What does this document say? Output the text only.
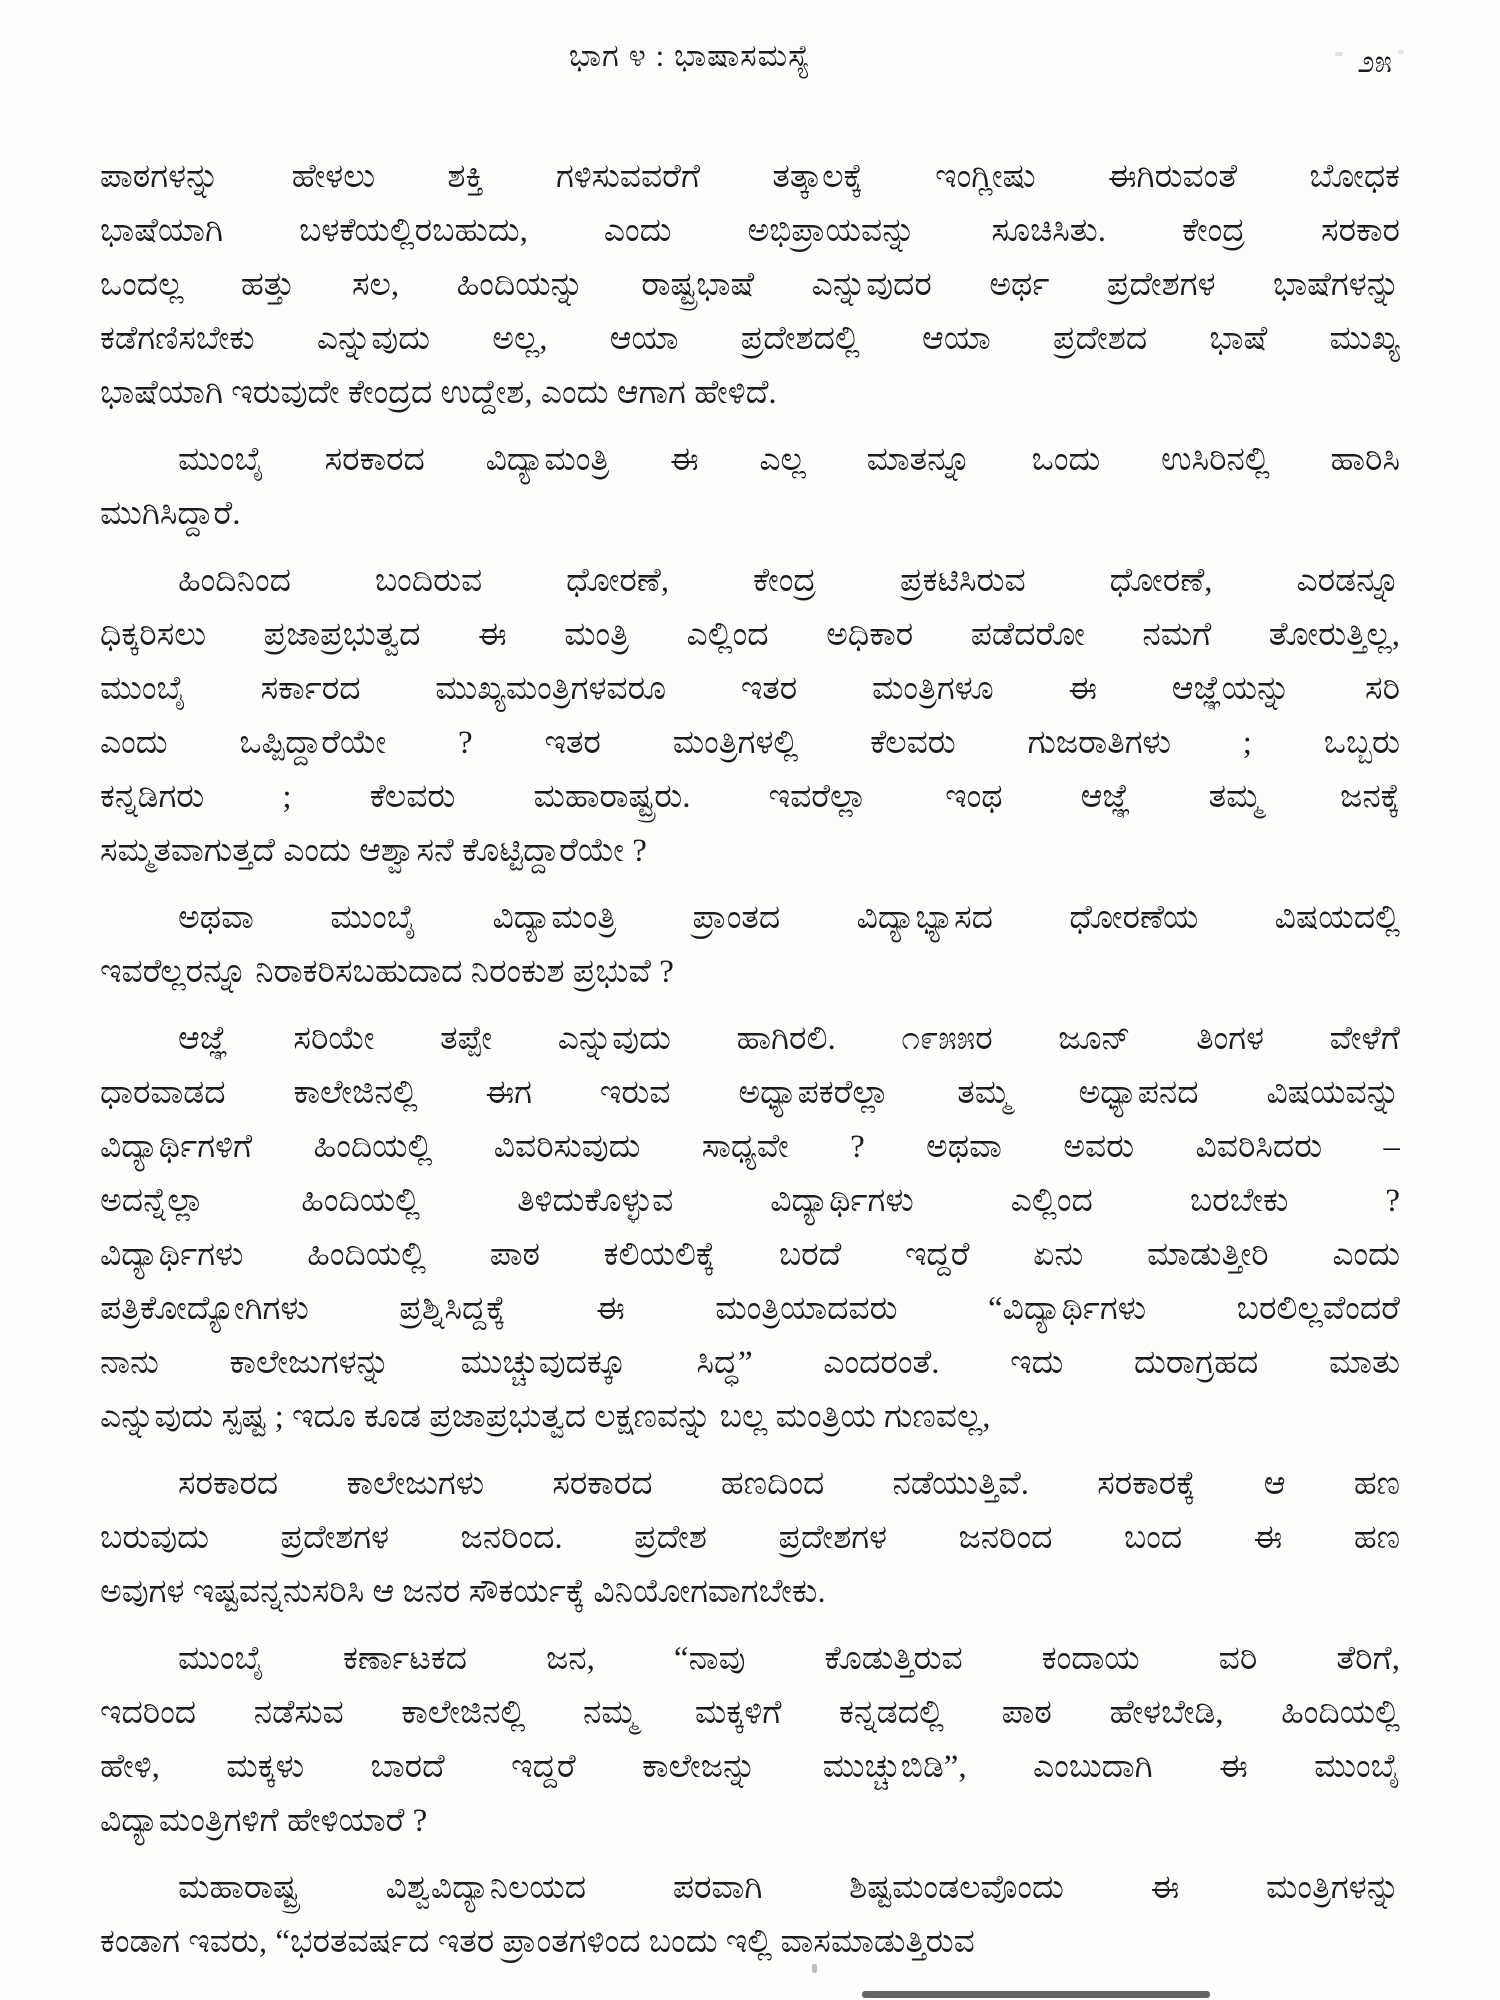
ಭಾಗ ೪ : ಭಾಷಾಸಮಸ್ಯೆ	೨೫
ಪಾಠಗಳನ್ನು ಹೇಳಲು ಶಕ್ತಿ ಗಳಿಸುವವರೆಗೆ ತತ್ಕಾಲಕ್ಕೆ ಇಂಗ್ಲೀಷು ಈಗಿರುವಂತೆ ಬೋಧಕ
ಭಾಷೆಯಾಗಿ ಬಳಕೆಯಲ್ಲಿರಬಹುದು, ಎಂದು ಅಭಿಪ್ರಾಯವನ್ನು ಸೂಚಿಸಿತು. ಕೇಂದ್ರ ಸರಕಾರ
ಒಂದಲ್ಲ ಹತ್ತು ಸಲ, ಹಿಂದಿಯನ್ನು ರಾಷ್ಟ್ರಭಾಷೆ ಎನ್ನುವುದರ ಅರ್ಥ ಪ್ರದೇಶಗಳ ಭಾಷೆಗಳನ್ನು
ಕಡೆಗಣಿಸಬೇಕು ಎನ್ನುವುದು ಅಲ್ಲ, ಆಯಾ ಪ್ರದೇಶದಲ್ಲಿ ಆಯಾ ಪ್ರದೇಶದ ಭಾಷೆ ಮುಖ್ಯ
ಭಾಷೆಯಾಗಿ ಇರುವುದೇ ಕೇಂದ್ರದ ಉದ್ದೇಶ, ಎಂದು ಆಗಾಗ ಹೇಳಿದೆ.
ಮುಂಬೈ ಸರಕಾರದ ವಿದ್ಯಾಮಂತ್ರಿ ಈ ಎಲ್ಲ ಮಾತನ್ನೂ ಒಂದು ಉಸಿರಿನಲ್ಲಿ ಹಾರಿಸಿ
ಮುಗಿಸಿದ್ದಾರೆ.
ಹಿಂದಿನಿಂದ ಬಂದಿರುವ ಧೋರಣೆ, ಕೇಂದ್ರ ಪ್ರಕಟಿಸಿರುವ ಧೋರಣೆ, ಎರಡನ್ನೂ
ಧಿಕ್ಕರಿಸಲು ಪ್ರಜಾಪ್ರಭುತ್ವದ ಈ ಮಂತ್ರಿ ಎಲ್ಲಿಂದ ಅಧಿಕಾರ ಪಡೆದರೋ ನಮಗೆ ತೋರುತ್ತಿಲ್ಲ,
ಮುಂಬೈ ಸರ್ಕಾರದ ಮುಖ್ಯಮಂತ್ರಿಗಳವರೂ ಇತರ ಮಂತ್ರಿಗಳೂ ಈ ಆಜ್ಞೆಯನ್ನು ಸರಿ
ಎಂದು ಒಪ್ಪಿದ್ದಾರೆಯೇ ? ಇತರ ಮಂತ್ರಿಗಳಲ್ಲಿ ಕೆಲವರು ಗುಜರಾತಿಗಳು ; ಒಬ್ಬರು
ಕನ್ನಡಿಗರು ; ಕೆಲವರು ಮಹಾರಾಷ್ಟ್ರರು. ಇವರೆಲ್ಲಾ ಇಂಥ ಆಜ್ಞೆ ತಮ್ಮ ಜನಕ್ಕೆ
ಸಮ್ಮತವಾಗುತ್ತದೆ ಎಂದು ಆಶ್ವಾಸನೆ ಕೊಟ್ಟಿದ್ದಾರೆಯೇ ?
ಅಥವಾ ಮುಂಬೈ ವಿದ್ಯಾಮಂತ್ರಿ ಪ್ರಾಂತದ ವಿದ್ಯಾಭ್ಯಾಸದ ಧೋರಣೆಯ ವಿಷಯದಲ್ಲಿ
ಇವರೆಲ್ಲರನ್ನೂ ನಿರಾಕರಿಸಬಹುದಾದ ನಿರಂಕುಶ ಪ್ರಭುವೆ ?
ಆಜ್ಞೆ ಸರಿಯೇ ತಪ್ಪೇ ಎನ್ನುವುದು ಹಾಗಿರಲಿ. ೧೯೫೫ರ ಜೂನ್ ತಿಂಗಳ ವೇಳೆಗೆ
ಧಾರವಾಡದ ಕಾಲೇಜಿನಲ್ಲಿ ಈಗ ಇರುವ ಅಧ್ಯಾಪಕರೆಲ್ಲಾ ತಮ್ಮ ಅಧ್ಯಾಪನದ ವಿಷಯವನ್ನು
ವಿದ್ಯಾರ್ಥಿಗಳಿಗೆ ಹಿಂದಿಯಲ್ಲಿ ವಿವರಿಸುವುದು ಸಾಧ್ಯವೇ ? ಅಥವಾ ಅವರು ವಿವರಿಸಿದರು –
ಅದನ್ನೆಲ್ಲಾ ಹಿಂದಿಯಲ್ಲಿ ತಿಳಿದುಕೊಳ್ಳುವ ವಿದ್ಯಾರ್ಥಿಗಳು ಎಲ್ಲಿಂದ ಬರಬೇಕು ?
ವಿದ್ಯಾರ್ಥಿಗಳು ಹಿಂದಿಯಲ್ಲಿ ಪಾಠ ಕಲಿಯಲಿಕ್ಕೆ ಬರದೆ ಇದ್ದರೆ ಏನು ಮಾಡುತ್ತೀರಿ ಎಂದು
ಪತ್ರಿಕೋದ್ಯೋಗಿಗಳು ಪ್ರಶ್ನಿಸಿದ್ದಕ್ಕೆ ಈ ಮಂತ್ರಿಯಾದವರು “ವಿದ್ಯಾರ್ಥಿಗಳು ಬರಲಿಲ್ಲವೆಂದರೆ
ನಾನು ಕಾಲೇಜುಗಳನ್ನು ಮುಚ್ಚುವುದಕ್ಕೂ ಸಿದ್ಧ” ಎಂದರಂತೆ. ಇದು ದುರಾಗ್ರಹದ ಮಾತು
ಎನ್ನುವುದು ಸ್ಪಷ್ಟ ; ಇದೂ ಕೂಡ ಪ್ರಜಾಪ್ರಭುತ್ವದ ಲಕ್ಷಣವನ್ನು ಬಲ್ಲ ಮಂತ್ರಿಯ ಗುಣವಲ್ಲ,
ಸರಕಾರದ ಕಾಲೇಜುಗಳು ಸರಕಾರದ ಹಣದಿಂದ ನಡೆಯುತ್ತಿವೆ. ಸರಕಾರಕ್ಕೆ ಆ ಹಣ
ಬರುವುದು ಪ್ರದೇಶಗಳ ಜನರಿಂದ. ಪ್ರದೇಶ ಪ್ರದೇಶಗಳ ಜನರಿಂದ ಬಂದ ಈ ಹಣ
ಅವುಗಳ ಇಷ್ಟವನ್ನನುಸರಿಸಿ ಆ ಜನರ ಸೌಕರ್ಯಕ್ಕೆ ವಿನಿಯೋಗವಾಗಬೇಕು.
ಮುಂಬೈ ಕರ್ಣಾಟಕದ ಜನ, “ನಾವು ಕೊಡುತ್ತಿರುವ ಕಂದಾಯ ವರಿ ತೆರಿಗೆ,
ಇದರಿಂದ ನಡೆಸುವ ಕಾಲೇಜಿನಲ್ಲಿ ನಮ್ಮ ಮಕ್ಕಳಿಗೆ ಕನ್ನಡದಲ್ಲಿ ಪಾಠ ಹೇಳಬೇಡಿ, ಹಿಂದಿಯಲ್ಲಿ
ಹೇಳಿ, ಮಕ್ಕಳು ಬಾರದೆ ಇದ್ದರೆ ಕಾಲೇಜನ್ನು ಮುಚ್ಚುಬಿಡಿ”, ಎಂಬುದಾಗಿ ಈ ಮುಂಬೈ
ವಿದ್ಯಾಮಂತ್ರಿಗಳಿಗೆ ಹೇಳಿಯಾರೆ ?
ಮಹಾರಾಷ್ಟ್ರ ವಿಶ್ವವಿದ್ಯಾನಿಲಯದ ಪರವಾಗಿ ಶಿಷ್ಟಮಂಡಲವೊಂದು ಈ ಮಂತ್ರಿಗಳನ್ನು
ಕಂಡಾಗ ಇವರು, “ಭರತವರ್ಷದ ಇತರ ಪ್ರಾಂತಗಳಿಂದ ಬಂದು ಇಲ್ಲಿ ವಾಸಮಾಡುತ್ತಿರುವ
